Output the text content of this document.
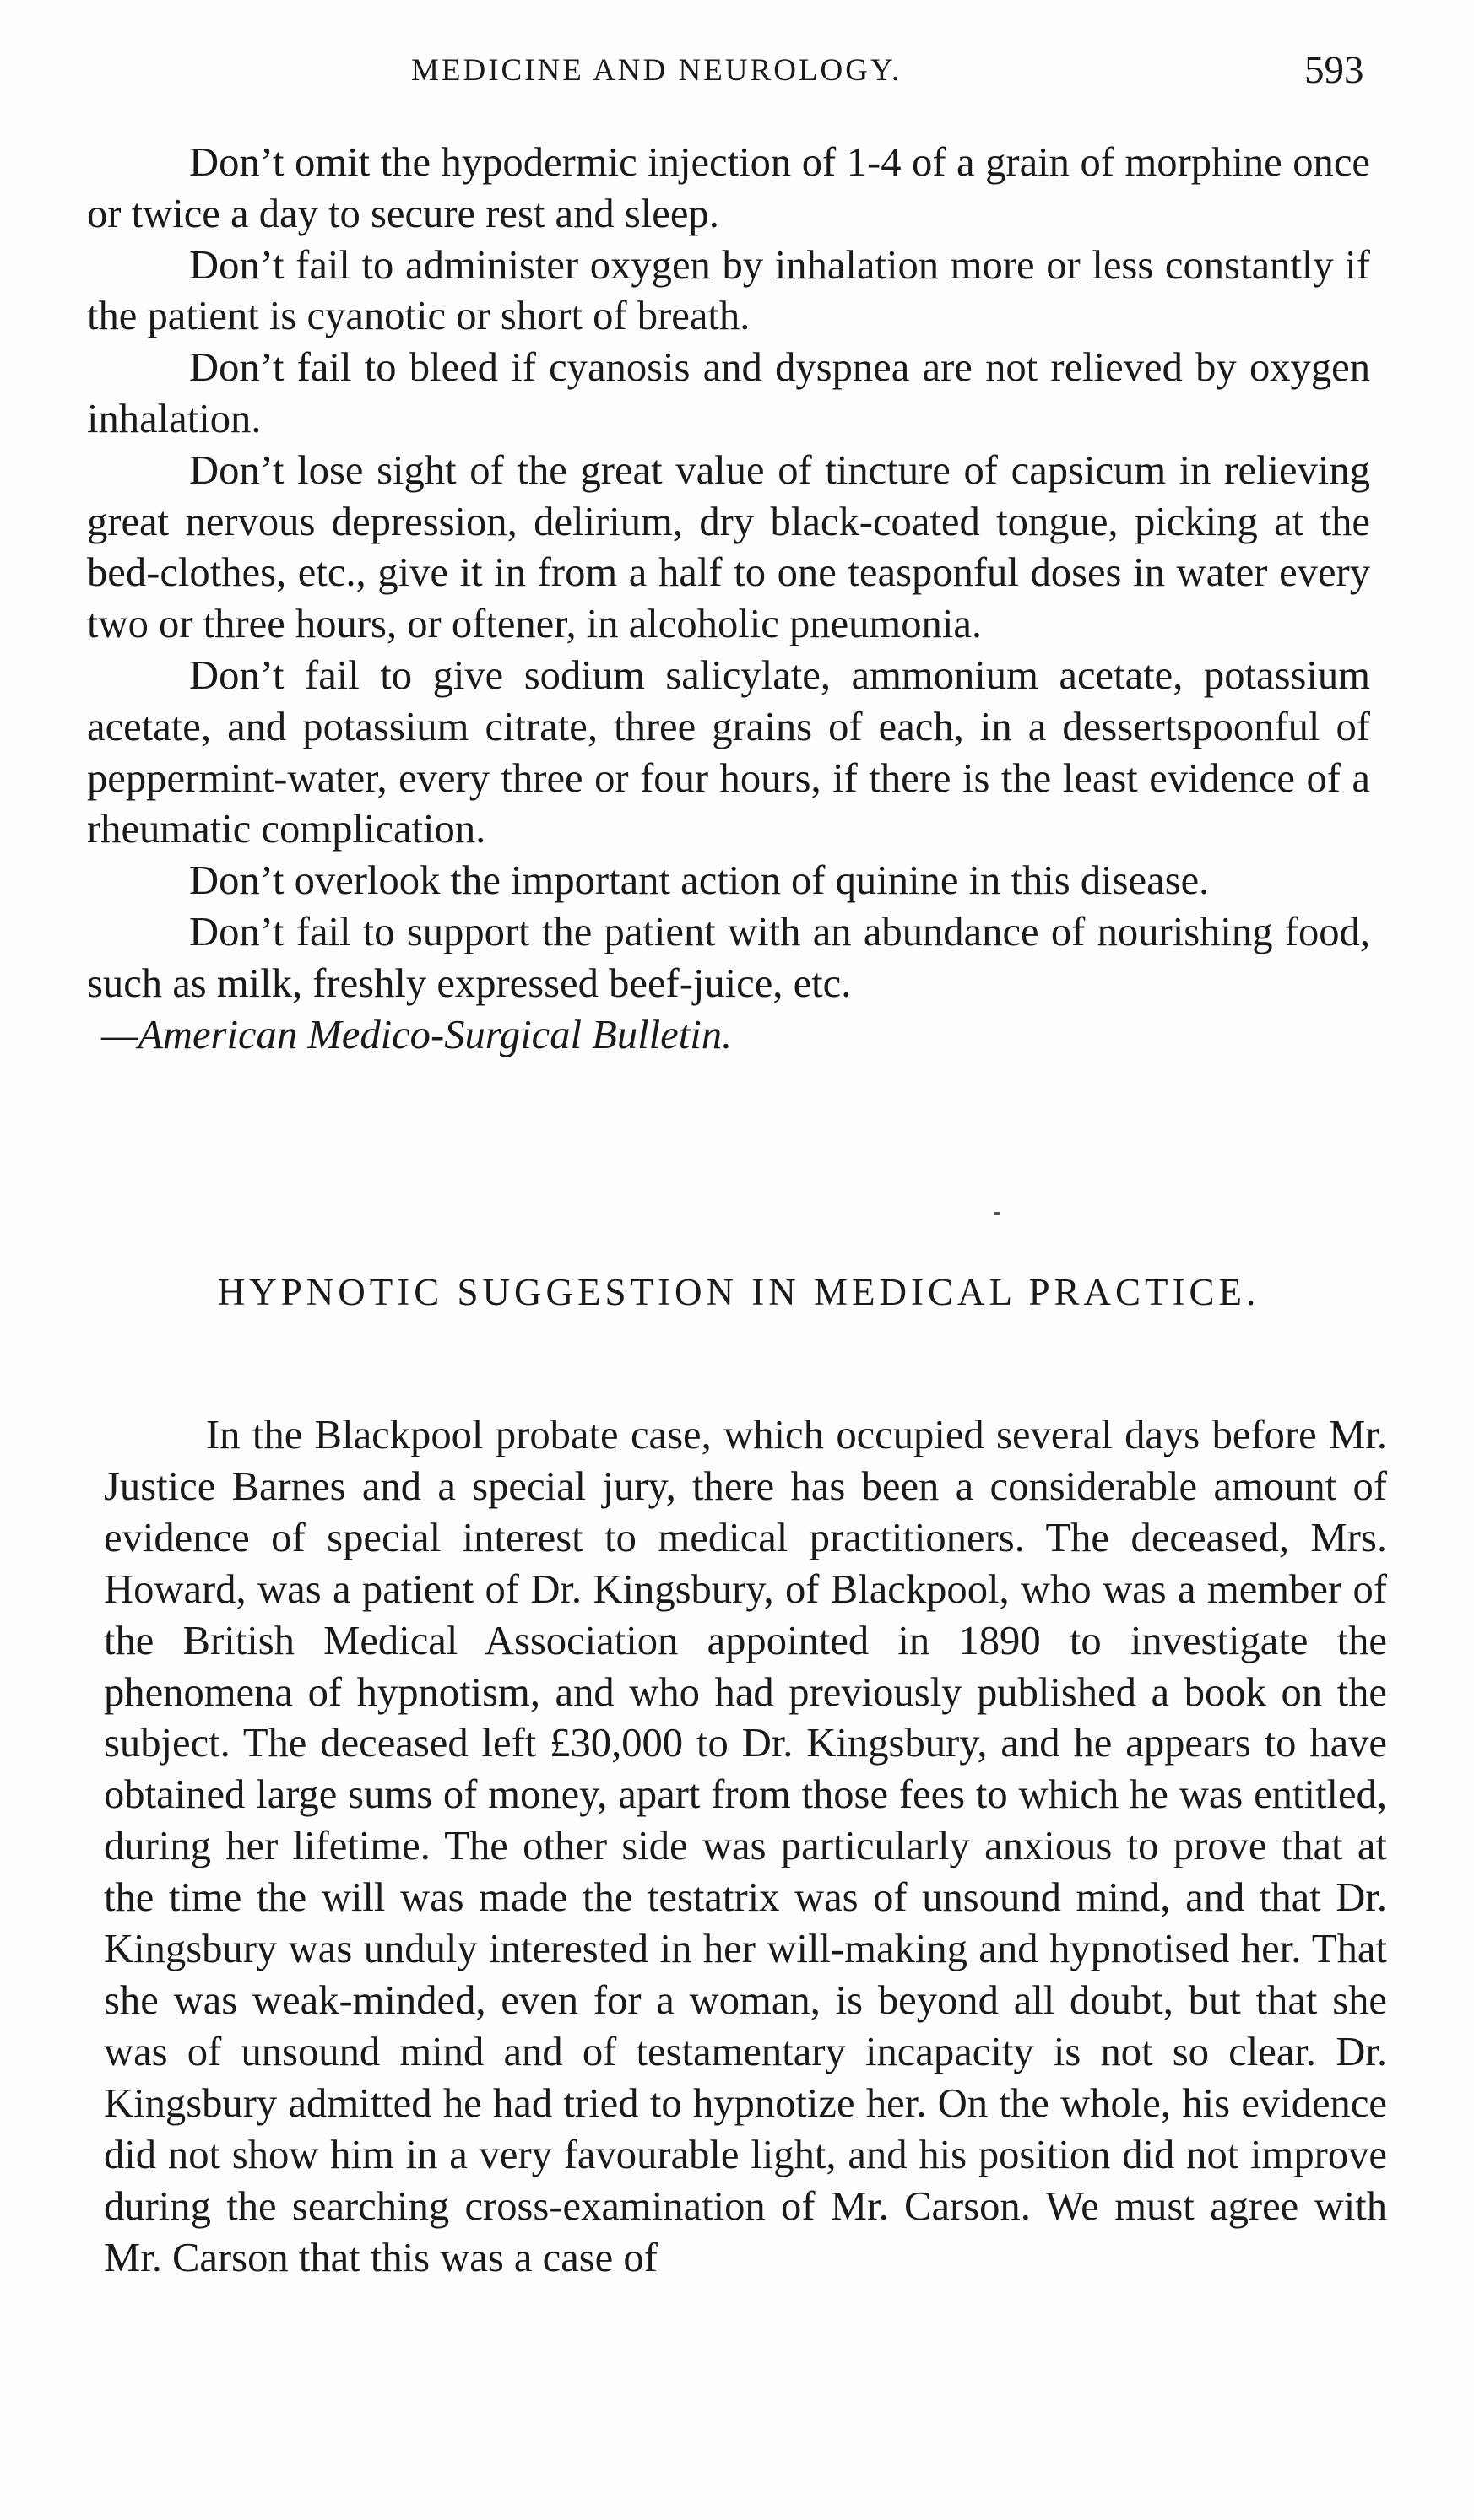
MEDICINE AND NEUROLOGY.	593

Don’t omit the hypodermic injection of 1-4 of a grain of morphine once or twice a day to secure rest and sleep.

Don’t fail to administer oxygen by inhalation more or less constantly if the patient is cyanotic or short of breath.

Don’t fail to bleed if cyanosis and dyspnea are not relieved by oxygen inhalation.

Don’t lose sight of the great value of tincture of capsicum in relieving great nervous depression, delirium, dry black-coated tongue, picking at the bed-clothes, etc., give it in from a half to one teasponful doses in water every two or three hours, or oftener, in alcoholic pneumonia.

Don’t fail to give sodium salicylate, ammonium acetate, potassium acetate, and potassium citrate, three grains of each, in a dessertspoonful of peppermint-water, every three or four hours, if there is the least evidence of a rheumatic complication.

Don’t overlook the important action of quinine in this disease.

Don’t fail to support the patient with an abundance of nourishing food, such as milk, freshly expressed beef-juice, etc.

—American Medico-Surgical Bulletin.

HYPNOTIC SUGGESTION IN MEDICAL PRACTICE.

In the Blackpool probate case, which occupied several days before Mr. Justice Barnes and a special jury, there has been a considerable amount of evidence of special interest to medical practitioners. The deceased, Mrs. Howard, was a patient of Dr. Kingsbury, of Blackpool, who was a member of the British Medical Association appointed in 1890 to investigate the phenomena of hypnotism, and who had previously published a book on the subject. The deceased left £30,000 to Dr. Kingsbury, and he appears to have obtained large sums of money, apart from those fees to which he was entitled, during her lifetime. The other side was particularly anxious to prove that at the time the will was made the testatrix was of unsound mind, and that Dr. Kingsbury was unduly interested in her will-making and hypnotised her. That she was weak-minded, even for a woman, is beyond all doubt, but that she was of unsound mind and of testamentary incapacity is not so clear. Dr. Kingsbury admitted he had tried to hypnotize her. On the whole, his evidence did not show him in a very favourable light, and his position did not improve during the searching cross-examination of Mr. Carson. We must agree with Mr. Carson that this was a case of
